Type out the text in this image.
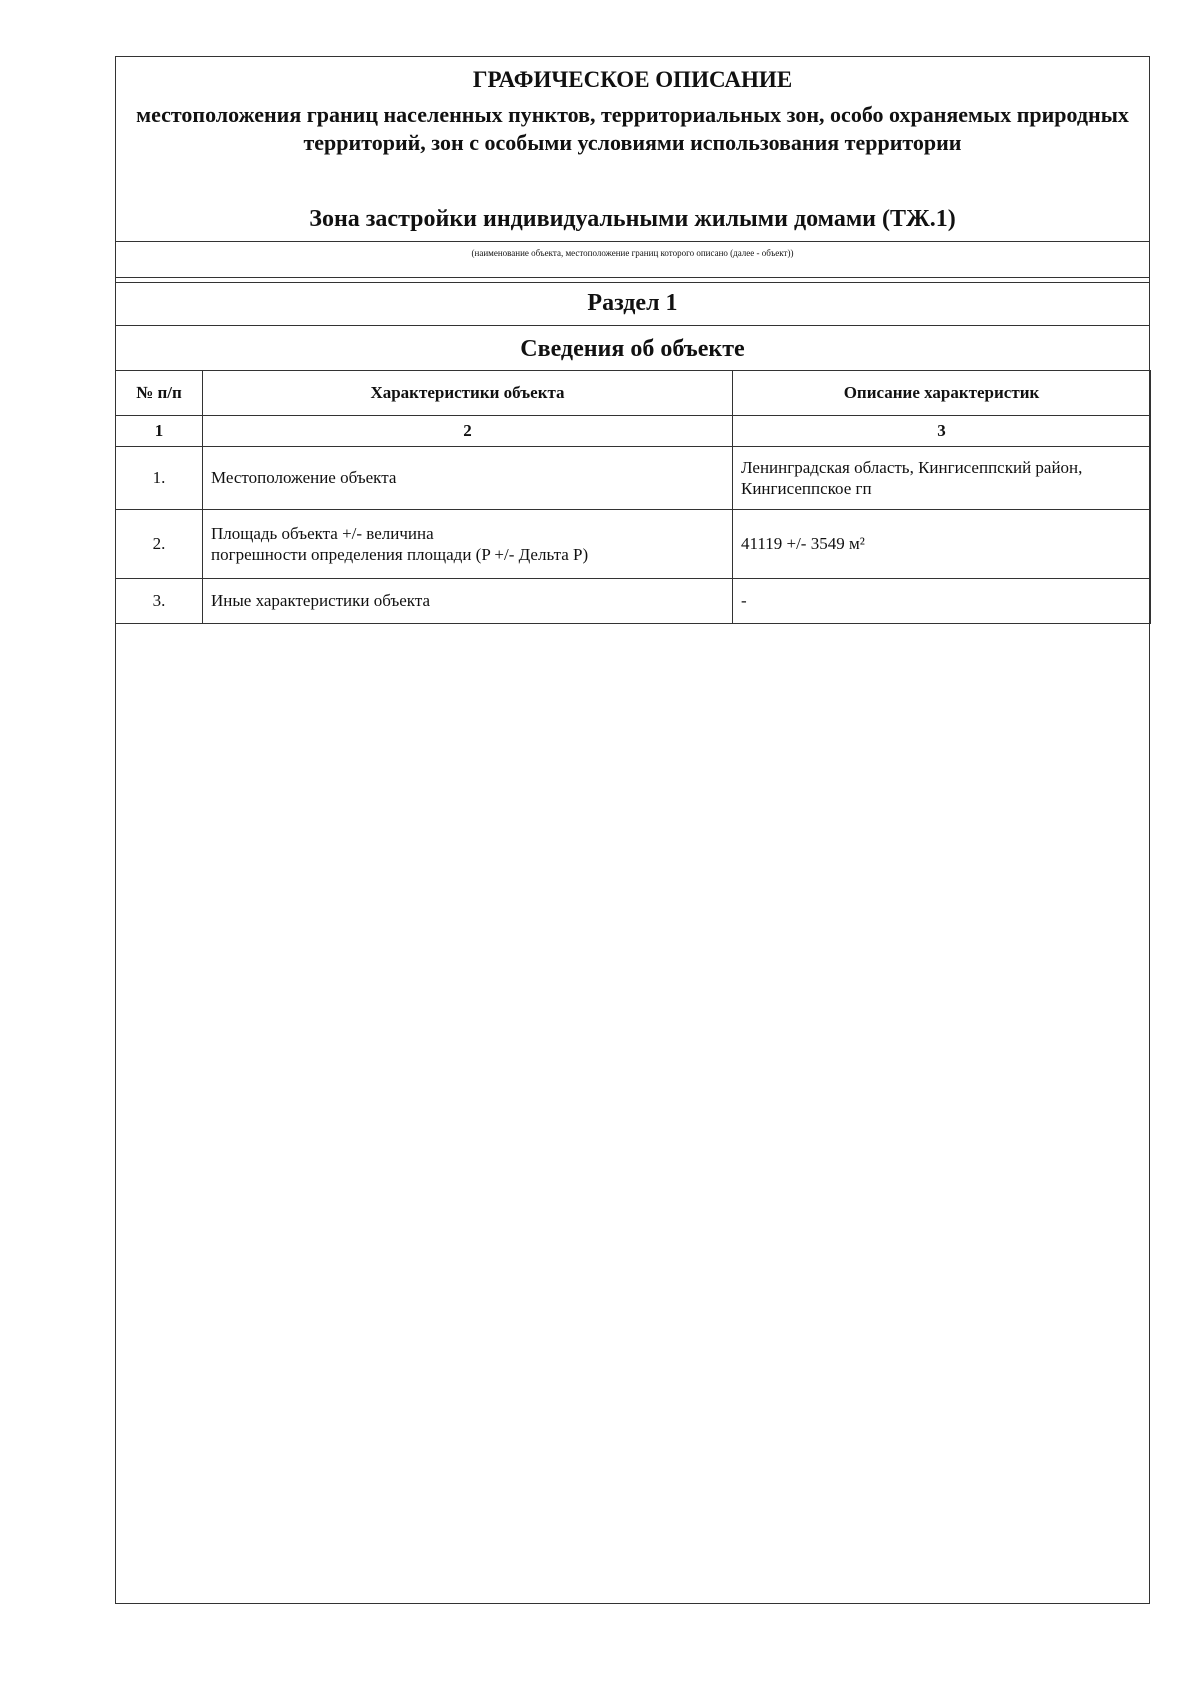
ГРАФИЧЕСКОЕ ОПИСАНИЕ
местоположения границ населенных пунктов, территориальных зон, особо охраняемых природных территорий, зон с особыми условиями использования территории
Зона застройки индивидуальными жилыми домами (ТЖ.1)
(наименование объекта, местоположение границ которого описано (далее - объект))
Раздел 1
Сведения об объекте
№ п/п	Характеристики объекта	Описание характеристик
1	2	3
1.	Местоположение объекта	Ленинградская область, Кингисеппский район, Кингисеппское гп
2.	Площадь объекта +/- величина
погрешности определения площади (P +/- Дельта P)	41119 +/- 3549 м²
3.	Иные характеристики объекта	-
